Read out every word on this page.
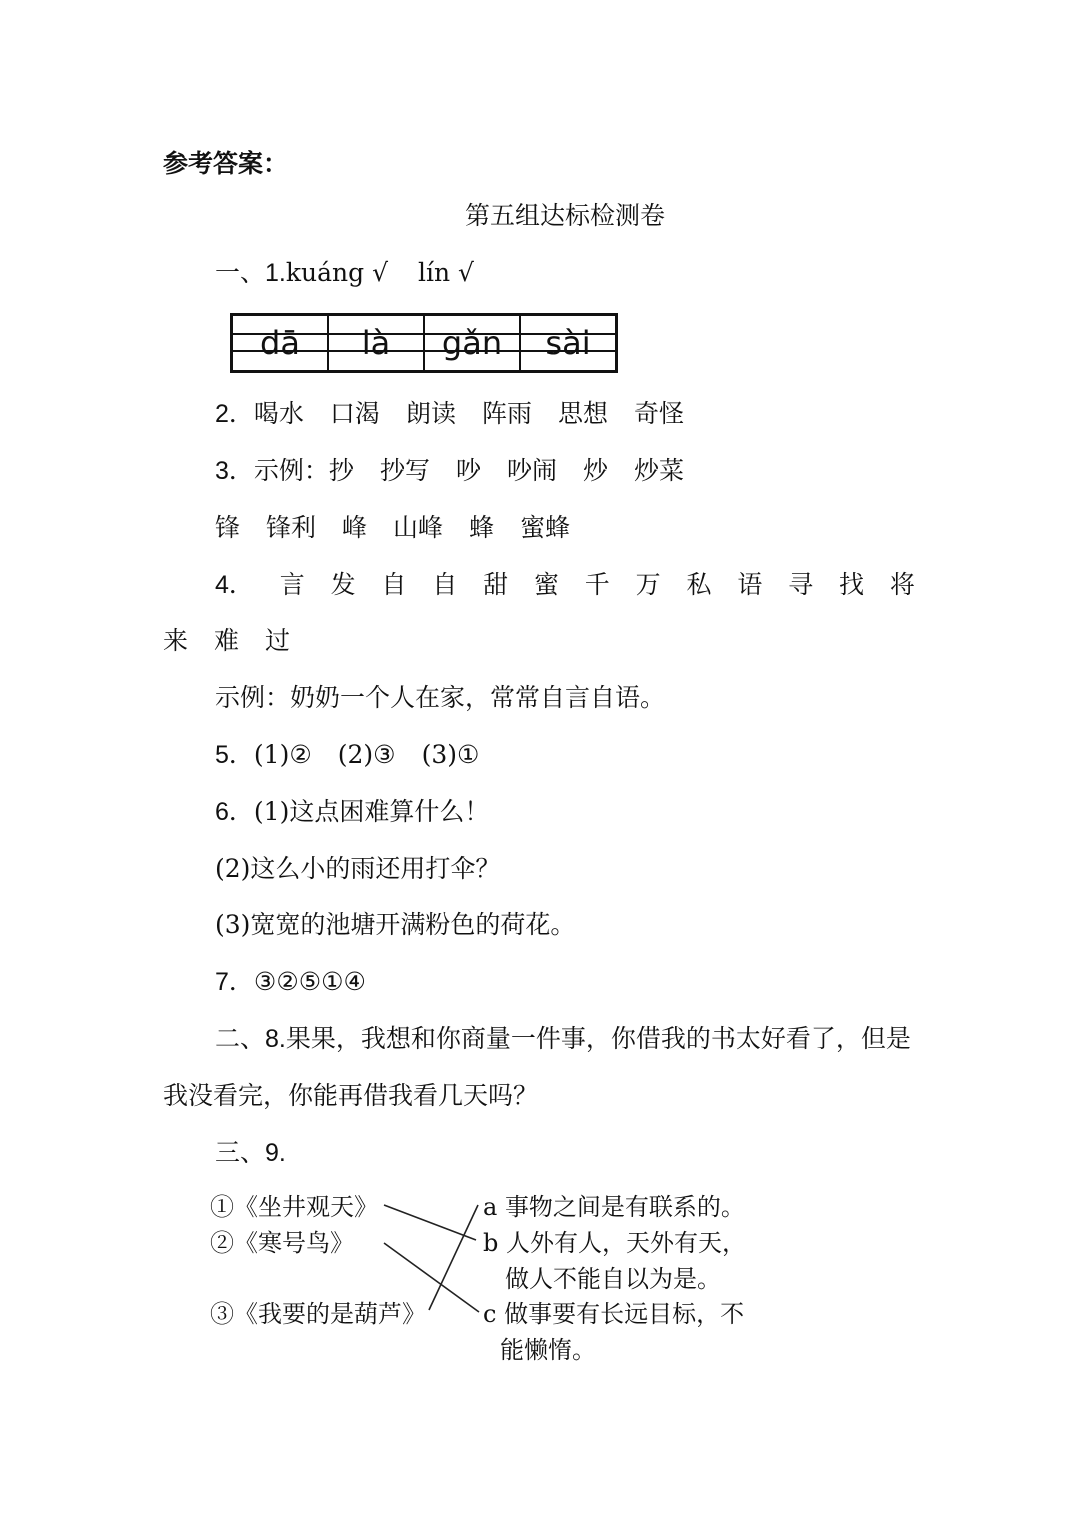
参考答案：
第五组达标检测卷
一、1.kuáng √ lín √
dā là gǎn sài
2．喝水 口渴 朗读 阵雨 思想 奇怪
3．示例：抄 抄写 吵 吵闹 炒 炒菜
锋 锋利 峰 山峰 蜂 蜜蜂
4． 言 发 自 自 甜 蜜 千 万 私 语 寻 找 将
来 难 过
示例：奶奶一个人在家，常常自言自语。
5．(1)② (2)③ (3)①
6．(1)这点困难算什么！
(2)这么小的雨还用打伞？
(3)宽宽的池塘开满粉色的荷花。
7．③②⑤①④
二、8.果果，我想和你商量一件事，你借我的书太好看了，但是
我没看完，你能再借我看几天吗？
三、9.
①《坐井观天》
②《寒号鸟》
③《我要的是葫芦》
a 事物之间是有联系的。
b 人外有人，天外有天，
做人不能自以为是。
c 做事要有长远目标，不
能懒惰。
